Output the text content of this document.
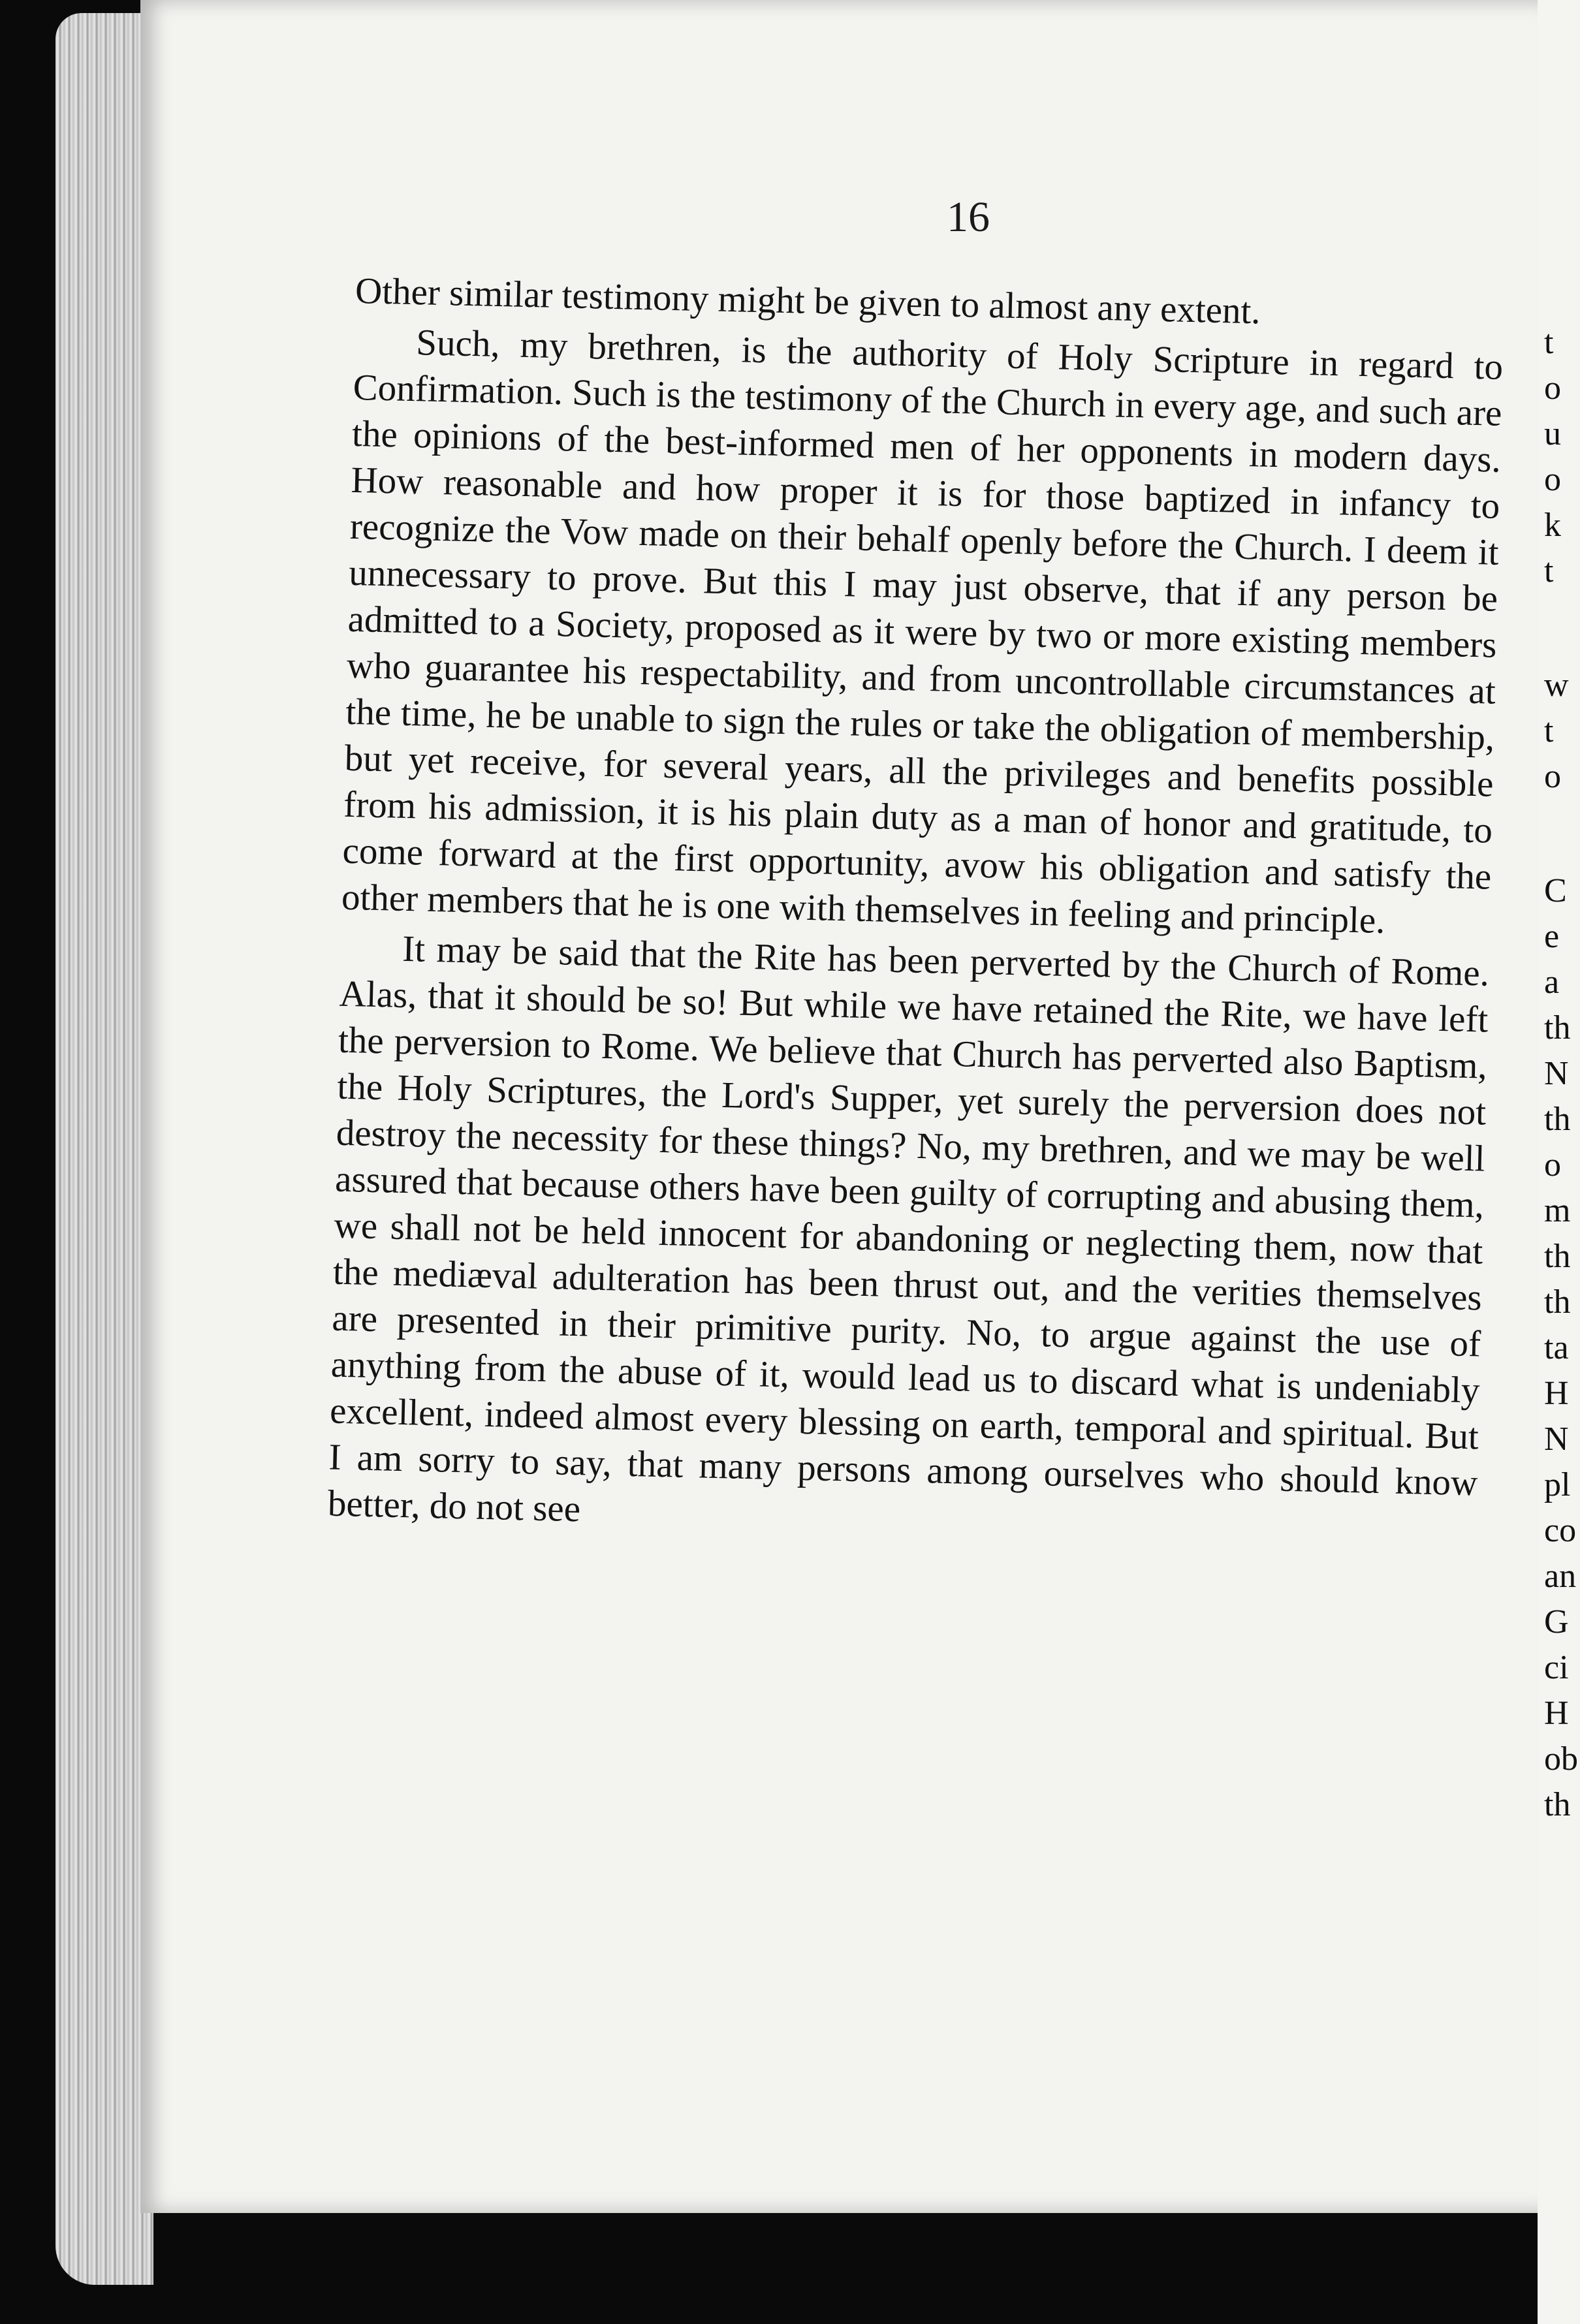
16

Other similar testimony might be given to almost any extent.

Such, my brethren, is the authority of Holy Scripture in regard to Confirmation. Such is the testimony of the Church in every age, and such are the opinions of the best-informed men of her opponents in modern days. How reasonable and how proper it is for those baptized in infancy to recognize the Vow made on their behalf openly before the Church. I deem it unnecessary to prove. But this I may just observe, that if any person be admitted to a Society, proposed as it were by two or more existing members who guarantee his respectability, and from uncontrollable circumstances at the time, he be unable to sign the rules or take the obligation of membership, but yet receive, for several years, all the privileges and benefits possible from his admission, it is his plain duty as a man of honor and gratitude, to come forward at the first opportunity, avow his obligation and satisfy the other members that he is one with themselves in feeling and principle.

It may be said that the Rite has been perverted by the Church of Rome. Alas, that it should be so! But while we have retained the Rite, we have left the perversion to Rome. We believe that Church has perverted also Baptism, the Holy Scriptures, the Lord's Supper, yet surely the perversion does not destroy the necessity for these things? No, my brethren, and we may be well assured that because others have been guilty of corrupting and abusing them, we shall not be held innocent for abandoning or neglecting them, now that the mediæval adulteration has been thrust out, and the verities themselves are presented in their primitive purity. No, to argue against the use of anything from the abuse of it, would lead us to discard what is undeniably excellent, indeed almost every blessing on earth, temporal and spiritual. But I am sorry to say, that many persons among ourselves who should know better, do not see

t
o
u
o
k
t
w
t
o
C
e
a
th
N
th
o
m
th
th
ta
H
N
pl
co
an
G
ci
H
ob
th
